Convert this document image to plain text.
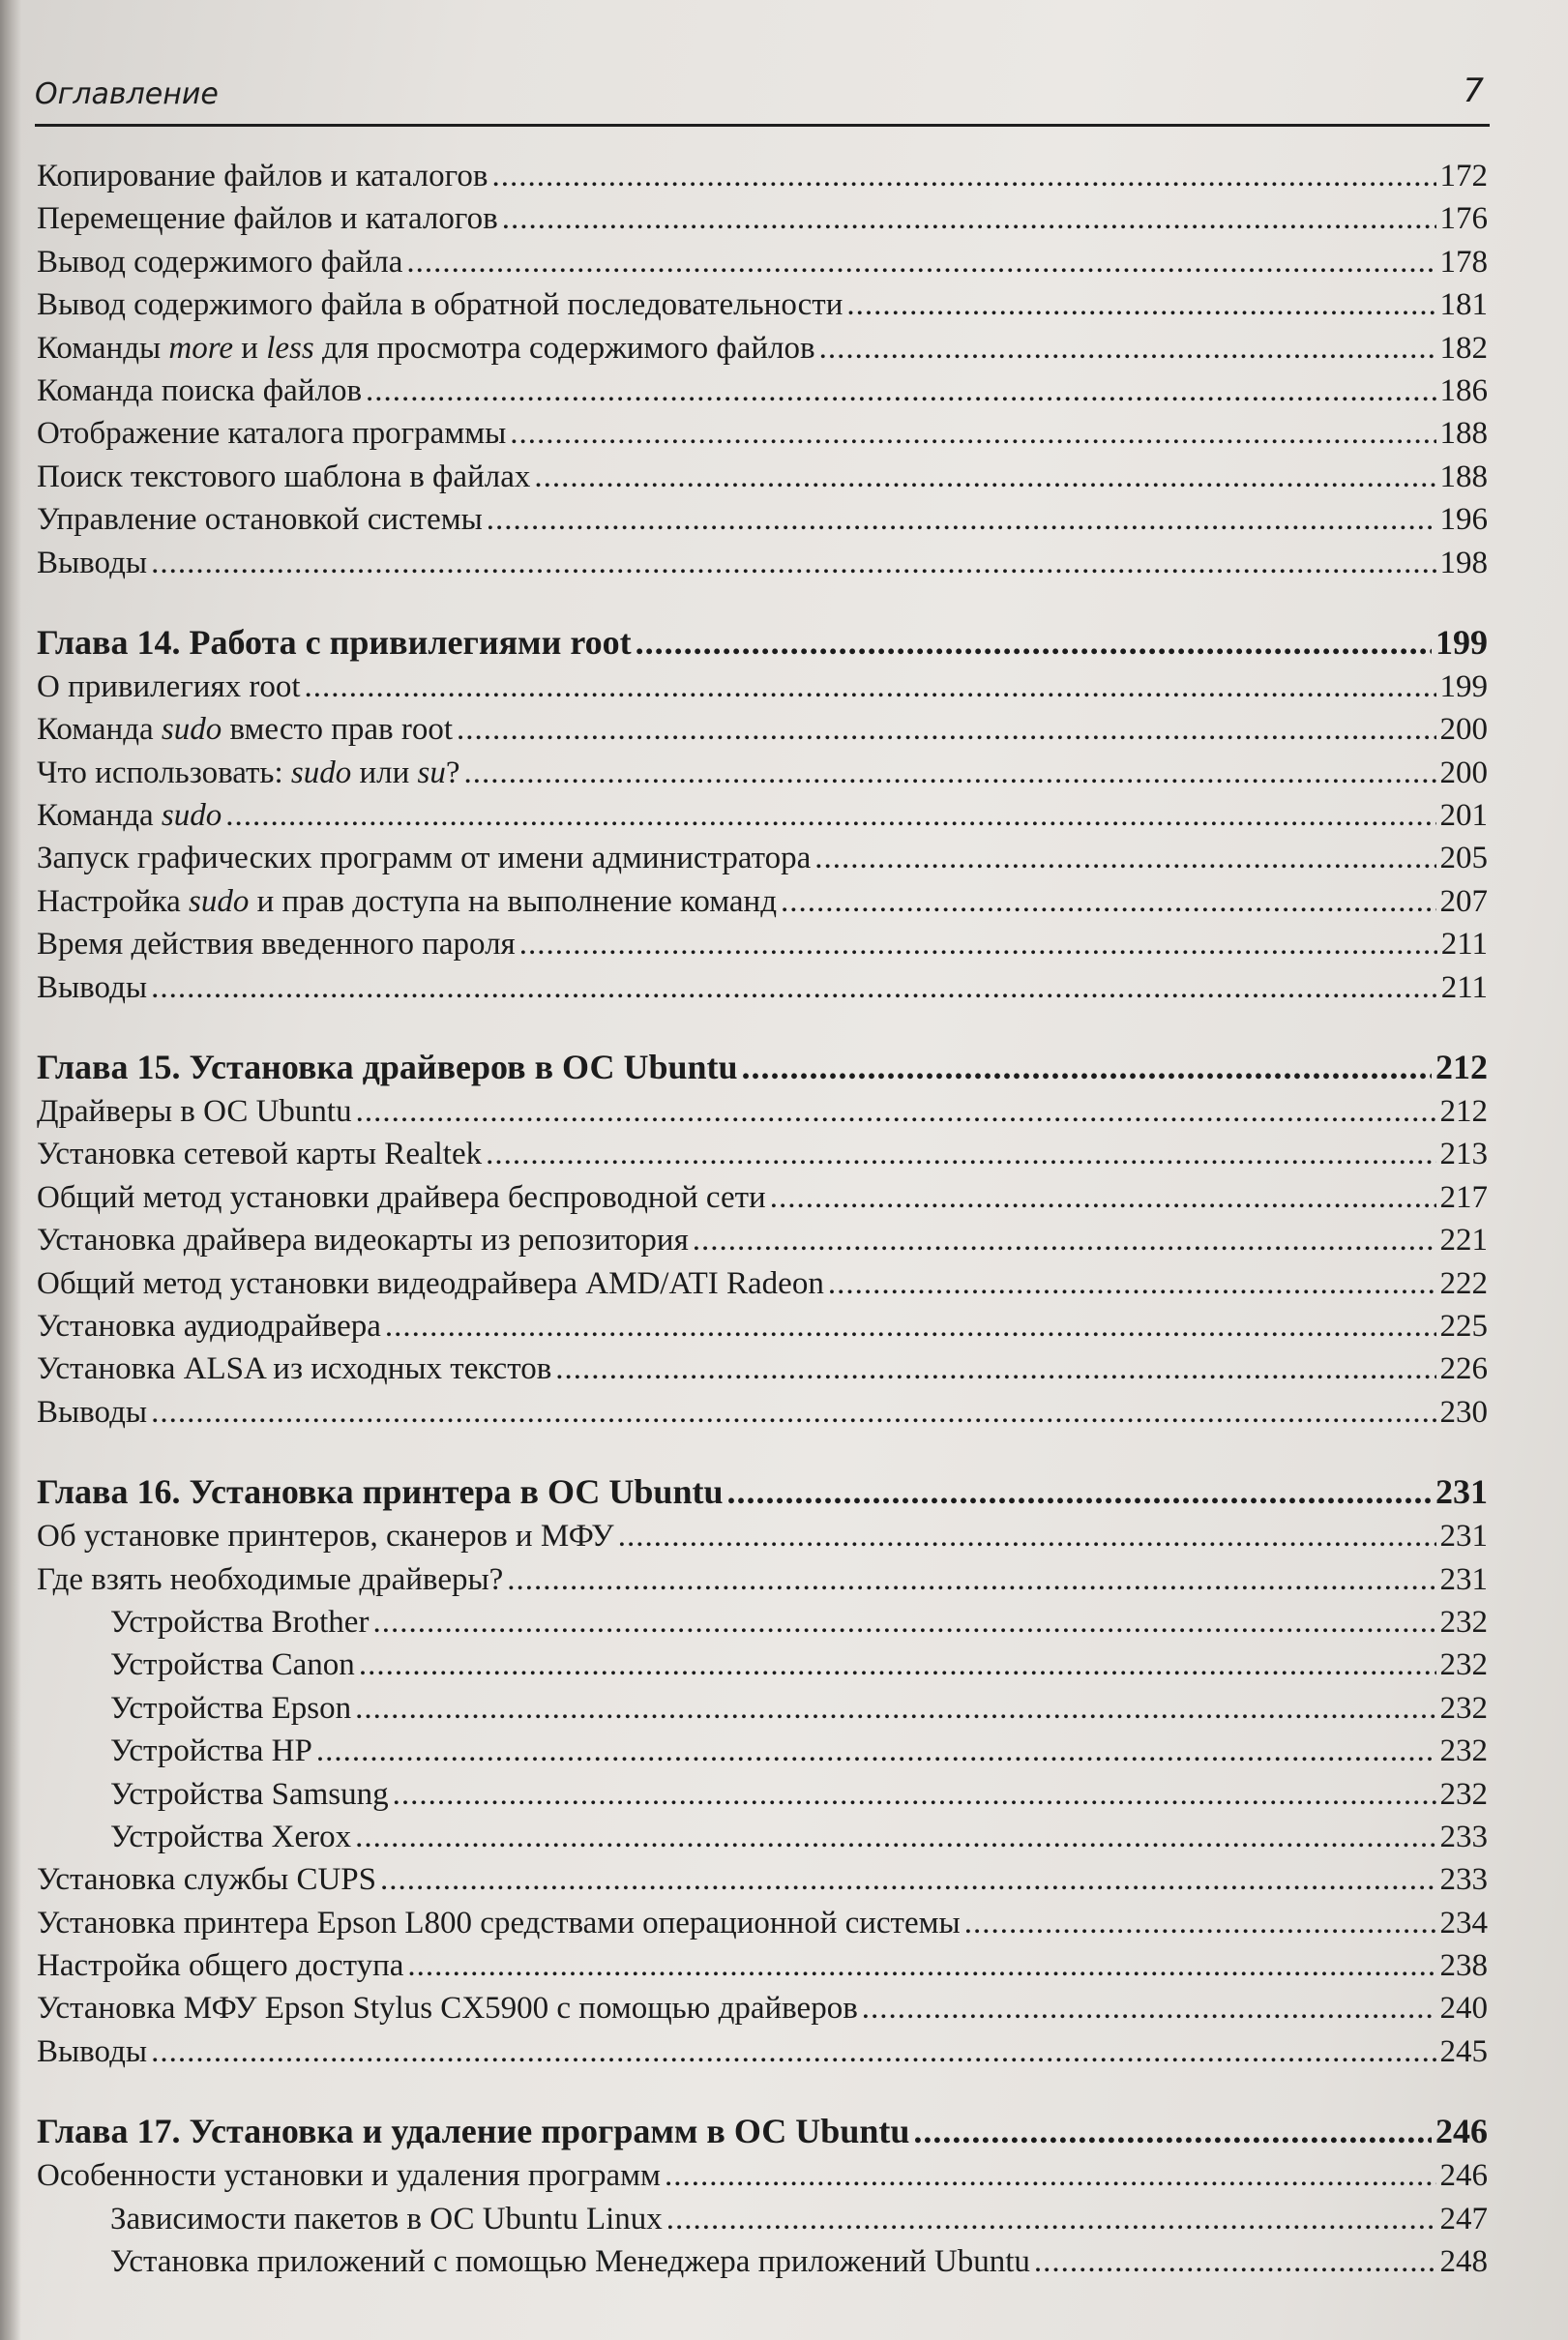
Оглавление	7
Копирование файлов и каталогов .....	172
Перемещение файлов и каталогов .....	176
Вывод содержимого файла .....	178
Вывод содержимого файла в обратной последовательности .....	181
Команды more и less для просмотра содержимого файлов .....	182
Команда поиска файлов .....	186
Отображение каталога программы .....	188
Поиск текстового шаблона в файлах .....	188
Управление остановкой системы .....	196
Выводы .....	198
Глава 14. Работа с привилегиями root .....	199
О привилегиях root .....	199
Команда sudo вместо прав root .....	200
Что использовать: sudo или su? .....	200
Команда sudo .....	201
Запуск графических программ от имени администратора .....	205
Настройка sudo и прав доступа на выполнение команд .....	207
Время действия введенного пароля .....	211
Выводы .....	211
Глава 15. Установка драйверов в ОС Ubuntu .....	212
Драйверы в ОС Ubuntu .....	212
Установка сетевой карты Realtek .....	213
Общий метод установки драйвера беспроводной сети .....	217
Установка драйвера видеокарты из репозитория .....	221
Общий метод установки видеодрайвера AMD/ATI Radeon .....	222
Установка аудиодрайвера .....	225
Установка ALSA из исходных текстов .....	226
Выводы .....	230
Глава 16. Установка принтера в ОС Ubuntu .....	231
Об установке принтеров, сканеров и МФУ .....	231
Где взять необходимые драйверы? .....	231
Устройства Brother .....	232
Устройства Canon .....	232
Устройства Epson .....	232
Устройства HP .....	232
Устройства Samsung .....	232
Устройства Xerox .....	233
Установка службы CUPS .....	233
Установка принтера Epson L800 средствами операционной системы .....	234
Настройка общего доступа .....	238
Установка МФУ Epson Stylus CX5900 с помощью драйверов .....	240
Выводы .....	245
Глава 17. Установка и удаление программ в ОС Ubuntu .....	246
Особенности установки и удаления программ .....	246
Зависимости пакетов в ОС Ubuntu Linux .....	247
Установка приложений с помощью Менеджера приложений Ubuntu .....	248
